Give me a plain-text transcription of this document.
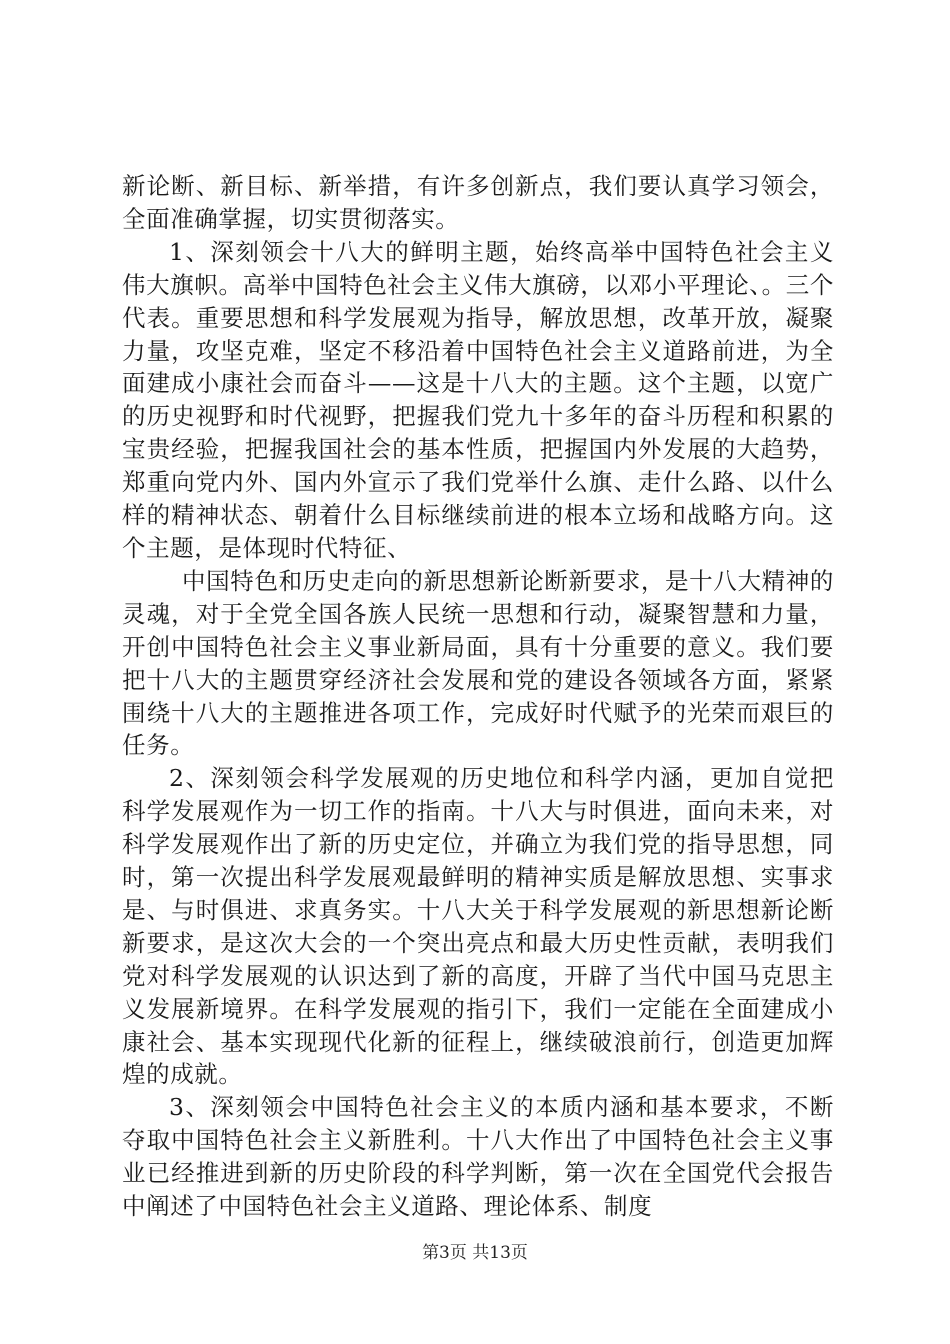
新论断、新目标、新举措，有许多创新点，我们要认真学习领会，全面准确掌握，切实贯彻落实。

1、深刻领会十八大的鲜明主题，始终高举中国特色社会主义伟大旗帜。高举中国特色社会主义伟大旗磅，以邓小平理论、。三个代表。重要思想和科学发展观为指导，解放思想，改革开放，凝聚力量，攻坚克难，坚定不移沿着中国特色社会主义道路前进，为全面建成小康社会而奋斗——这是十八大的主题。这个主题，以宽广的历史视野和时代视野，把握我们党九十多年的奋斗历程和积累的宝贵经验，把握我国社会的基本性质，把握国内外发展的大趋势，郑重向党内外、国内外宣示了我们党举什么旗、走什么路、以什么样的精神状态、朝着什么目标继续前进的根本立场和战略方向。这个主题，是体现时代特征、

中国特色和历史走向的新思想新论断新要求，是十八大精神的灵魂，对于全党全国各族人民统一思想和行动，凝聚智慧和力量，开创中国特色社会主义事业新局面，具有十分重要的意义。我们要把十八大的主题贯穿经济社会发展和党的建设各领域各方面，紧紧围绕十八大的主题推进各项工作，完成好时代赋予的光荣而艰巨的任务。

2、深刻领会科学发展观的历史地位和科学内涵，更加自觉把科学发展观作为一切工作的指南。十八大与时俱进，面向未来，对科学发展观作出了新的历史定位，并确立为我们党的指导思想，同时，第一次提出科学发展观最鲜明的精神实质是解放思想、实事求是、与时俱进、求真务实。十八大关于科学发展观的新思想新论断新要求，是这次大会的一个突出亮点和最大历史性贡献，表明我们党对科学发展观的认识达到了新的高度，开辟了当代中国马克思主义发展新境界。在科学发展观的指引下，我们一定能在全面建成小康社会、基本实现现代化新的征程上，继续破浪前行，创造更加辉煌的成就。

3、深刻领会中国特色社会主义的本质内涵和基本要求，不断夺取中国特色社会主义新胜利。十八大作出了中国特色社会主义事业已经推进到新的历史阶段的科学判断，第一次在全国党代会报告中阐述了中国特色社会主义道路、理论体系、制度

第3页 共13页
